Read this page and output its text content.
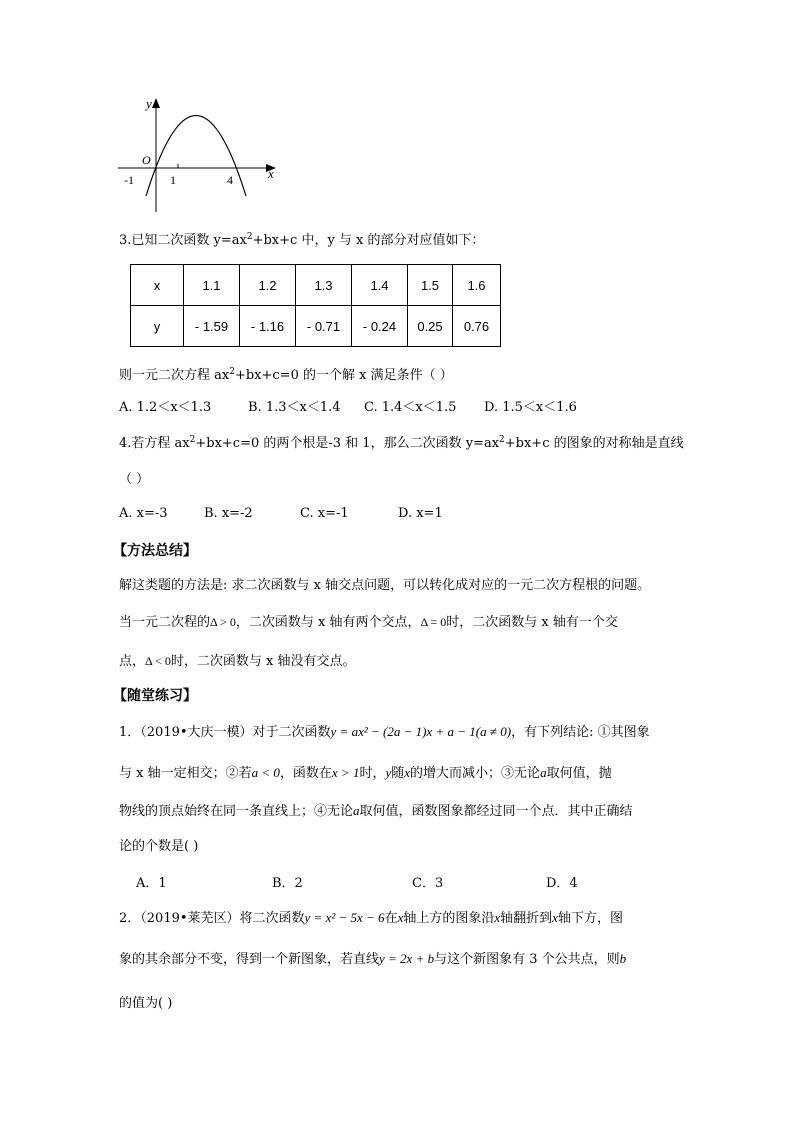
y
x
O
-1	1	4
3.已知二次函数 $y=ax^2+bx+c$ 中，y 与 x 的部分对应值如下：
x	1.1	1.2	1.3	1.4	1.5	1.6
y	- 1.59	- 1.16	- 0.71	- 0.24	0.25	0.76
则一元二次方程 $ax^2+bx+c=0$ 的一个解 x 满足条件（ ）
A. 1.2＜x＜1.3	B. 1.3＜x＜1.4 C. 1.4＜x＜1.5 D. 1.5＜x＜1.6
4.若方程 $ax^2+bx+c=0$ 的两个根是-3 和 1，那么二次函数 $y=ax^2+bx+c$ 的图象的对称轴是直线
（ ）
A. x=-3	B. x=-2	C. x=-1	D. x=1
【方法总结】
解这类题的方法是: 求二次函数与 x 轴交点问题，可以转化成对应的一元二次方程根的问题。
当一元二次程的Δ > 0，二次函数与 x 轴有两个交点，Δ = 0时，二次函数与 x 轴有一个交
点，Δ < 0时，二次函数与 x 轴没有交点。
【随堂练习】
1．（2019•大庆一模）对于二次函数y = ax² − (2a − 1)x + a − 1(a ≠ 0)，有下列结论: ①其图象
与 x 轴一定相交；②若a < 0，函数在x > 1时，y随x的增大而减小；③无论a取何值，抛
物线的顶点始终在同一条直线上；④无论a取何值，函数图象都经过同一个点．其中正确结
论的个数是( )
A．1	B．2	C．3	D．4
2．（2019•莱芜区）将二次函数y = x² − 5x − 6在x轴上方的图象沿x轴翻折到x轴下方，图
象的其余部分不变，得到一个新图象，若直线y = 2x + b与这个新图象有 3 个公共点，则b
的值为( )
